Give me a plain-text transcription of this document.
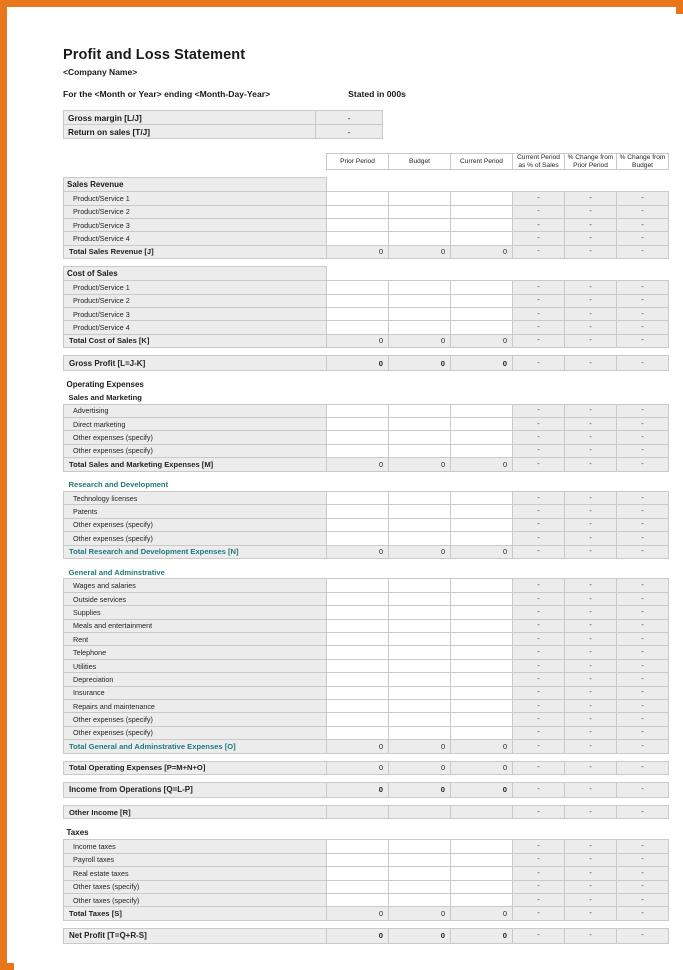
Profit and Loss Statement
<Company Name>
For the <Month or Year> ending <Month-Day-Year>	Stated in 000s
Gross margin [L/J]	-
Return on sales [T/J]	-
	Prior Period	Budget	Current Period	Current Period as % of Sales	% Change from Prior Period	% Change from Budget

Sales Revenue						
Product/Service 1				-	-	-
Product/Service 2				-	-	-
Product/Service 3				-	-	-
Product/Service 4				-	-	-
Total Sales Revenue [J]	0	0	0	-	-	-

Cost of Sales						
Product/Service 1				-	-	-
Product/Service 2				-	-	-
Product/Service 3				-	-	-
Product/Service 4				-	-	-
Total Cost of Sales [K]	0	0	0	-	-	-

Gross Profit [L=J-K]	0	0	0	-	-	-

Operating Expenses						
Sales and Marketing						
Advertising				-	-	-
Direct marketing				-	-	-
Other expenses (specify)				-	-	-
Other expenses (specify)				-	-	-
Total Sales and Marketing Expenses [M]	0	0	0	-	-	-

Research and Development						
Technology licenses				-	-	-
Patents				-	-	-
Other expenses (specify)				-	-	-
Other expenses (specify)				-	-	-
Total Research and Development Expenses [N]	0	0	0	-	-	-

General and Adminstrative						
Wages and salaries				-	-	-
Outside services				-	-	-
Supplies				-	-	-
Meals and entertainment				-	-	-
Rent				-	-	-
Telephone				-	-	-
Utilities				-	-	-
Depreciation				-	-	-
Insurance				-	-	-
Repairs and maintenance				-	-	-
Other expenses (specify)				-	-	-
Other expenses (specify)				-	-	-
Total General and Adminstrative Expenses [O]	0	0	0	-	-	-

Total Operating Expenses [P=M+N+O]	0	0	0	-	-	-

Income from Operations [Q=L-P]	0	0	0	-	-	-

Other Income [R]				-	-	-

Taxes						
Income taxes				-	-	-
Payroll taxes				-	-	-
Real estate taxes				-	-	-
Other taxes (specify)				-	-	-
Other taxes (specify)				-	-	-
Total Taxes [S]	0	0	0	-	-	-

Net Profit [T=Q+R-S]	0	0	0	-	-	-
